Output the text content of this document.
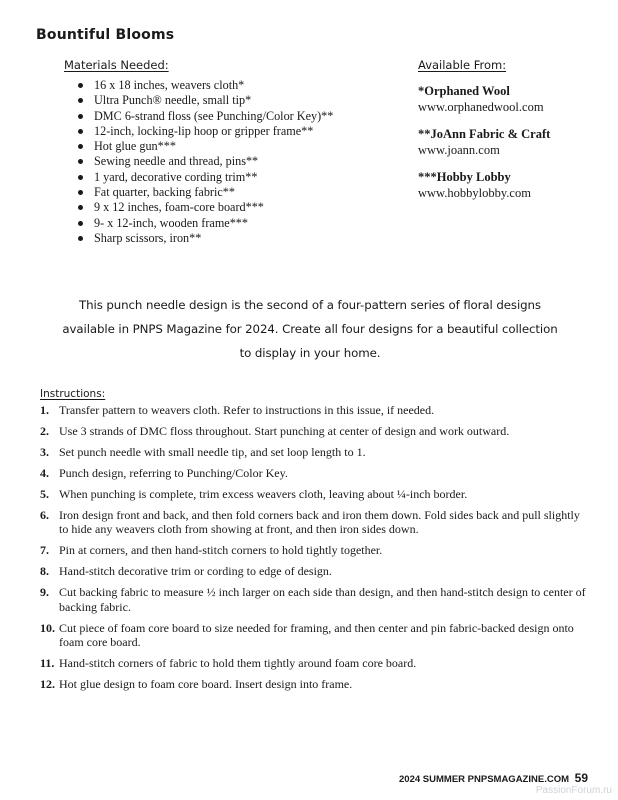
Bountiful Blooms
Materials Needed:
16 x 18 inches, weavers cloth*
Ultra Punch® needle, small tip*
DMC 6-strand floss (see Punching/Color Key)**
12-inch, locking-lip hoop or gripper frame**
Hot glue gun***
Sewing needle and thread, pins**
1 yard, decorative cording trim**
Fat quarter, backing fabric**
9 x 12 inches, foam-core board***
9- x 12-inch, wooden frame***
Sharp scissors, iron**
Available From:
*Orphaned Wool
www.orphanedwool.com
**JoAnn Fabric & Craft
www.joann.com
***Hobby Lobby
www.hobbylobby.com
This punch needle design is the second of a four-pattern series of floral designs available in PNPS Magazine for 2024. Create all four designs for a beautiful collection to display in your home.
Instructions:
1. Transfer pattern to weavers cloth. Refer to instructions in this issue, if needed.
2. Use 3 strands of DMC floss throughout. Start punching at center of design and work outward.
3. Set punch needle with small needle tip, and set loop length to 1.
4. Punch design, referring to Punching/Color Key.
5. When punching is complete, trim excess weavers cloth, leaving about ¼-inch border.
6. Iron design front and back, and then fold corners back and iron them down. Fold sides back and pull slightly to hide any weavers cloth from showing at front, and then iron sides down.
7. Pin at corners, and then hand-stitch corners to hold tightly together.
8. Hand-stitch decorative trim or cording to edge of design.
9. Cut backing fabric to measure ½ inch larger on each side than design, and then hand-stitch design to center of backing fabric.
10. Cut piece of foam core board to size needed for framing, and then center and pin fabric-backed design onto foam core board.
11. Hand-stitch corners of fabric to hold them tightly around foam core board.
12. Hot glue design to foam core board. Insert design into frame.
2024 SUMMER PNPSMAGAZINE.COM 59
PassionForum.ru
